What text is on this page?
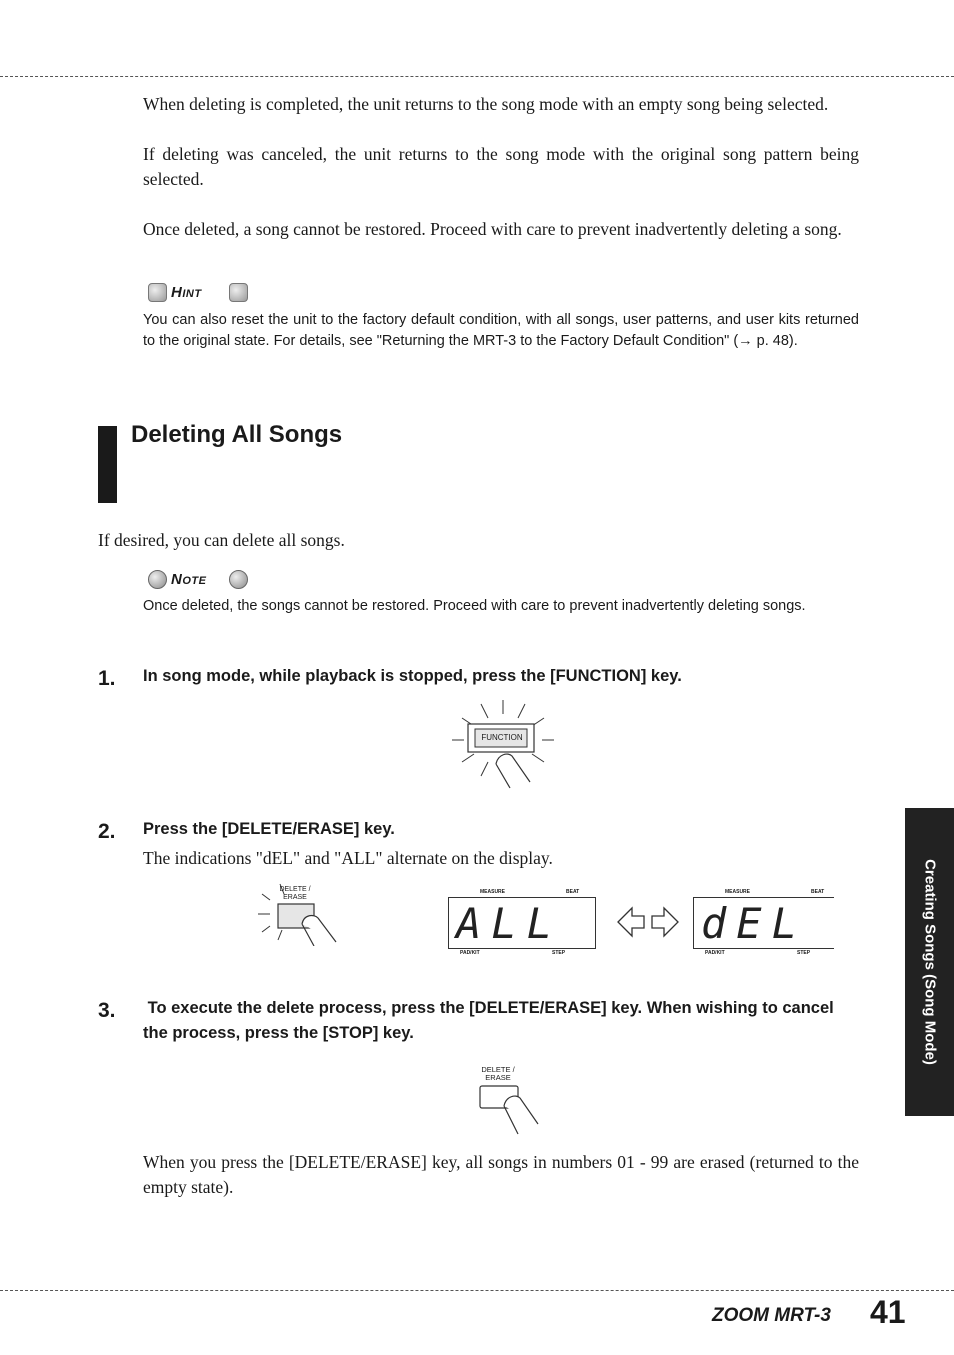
When deleting is completed, the unit returns to the song mode with an empty song being selected.
If deleting was canceled, the unit returns to the song mode with the original song pattern being selected.
Once deleted, a song cannot be restored. Proceed with care to prevent inadvertently deleting a song.
Hint
You can also reset the unit to the factory default condition, with all songs, user patterns, and user kits returned to the original state. For details, see "Returning the MRT-3 to the Factory Default Condition" (→ p. 48).
Deleting All Songs
If desired, you can delete all songs.
Note
Once deleted, the songs cannot be restored. Proceed with care to prevent inadvertently deleting songs.
1. In song mode, while playback is stopped, press the [FUNCTION] key.
FUNCTION
2. Press the [DELETE/ERASE] key.
The indications "dEL" and "ALL" alternate on the display.
DELETE /
ERASE
MEASURE	BEAT
ALL
PAD/KIT	STEP
MEASURE	BEAT
dEL
PAD/KIT	STEP
3. To execute the delete process, press the [DELETE/ERASE] key. When wishing to cancel the process, press the [STOP] key.
DELETE /
ERASE
When you press the [DELETE/ERASE] key, all songs in numbers 01 - 99 are erased (returned to the empty state).
Creating Songs (Song Mode)
ZOOM MRT-3 41
